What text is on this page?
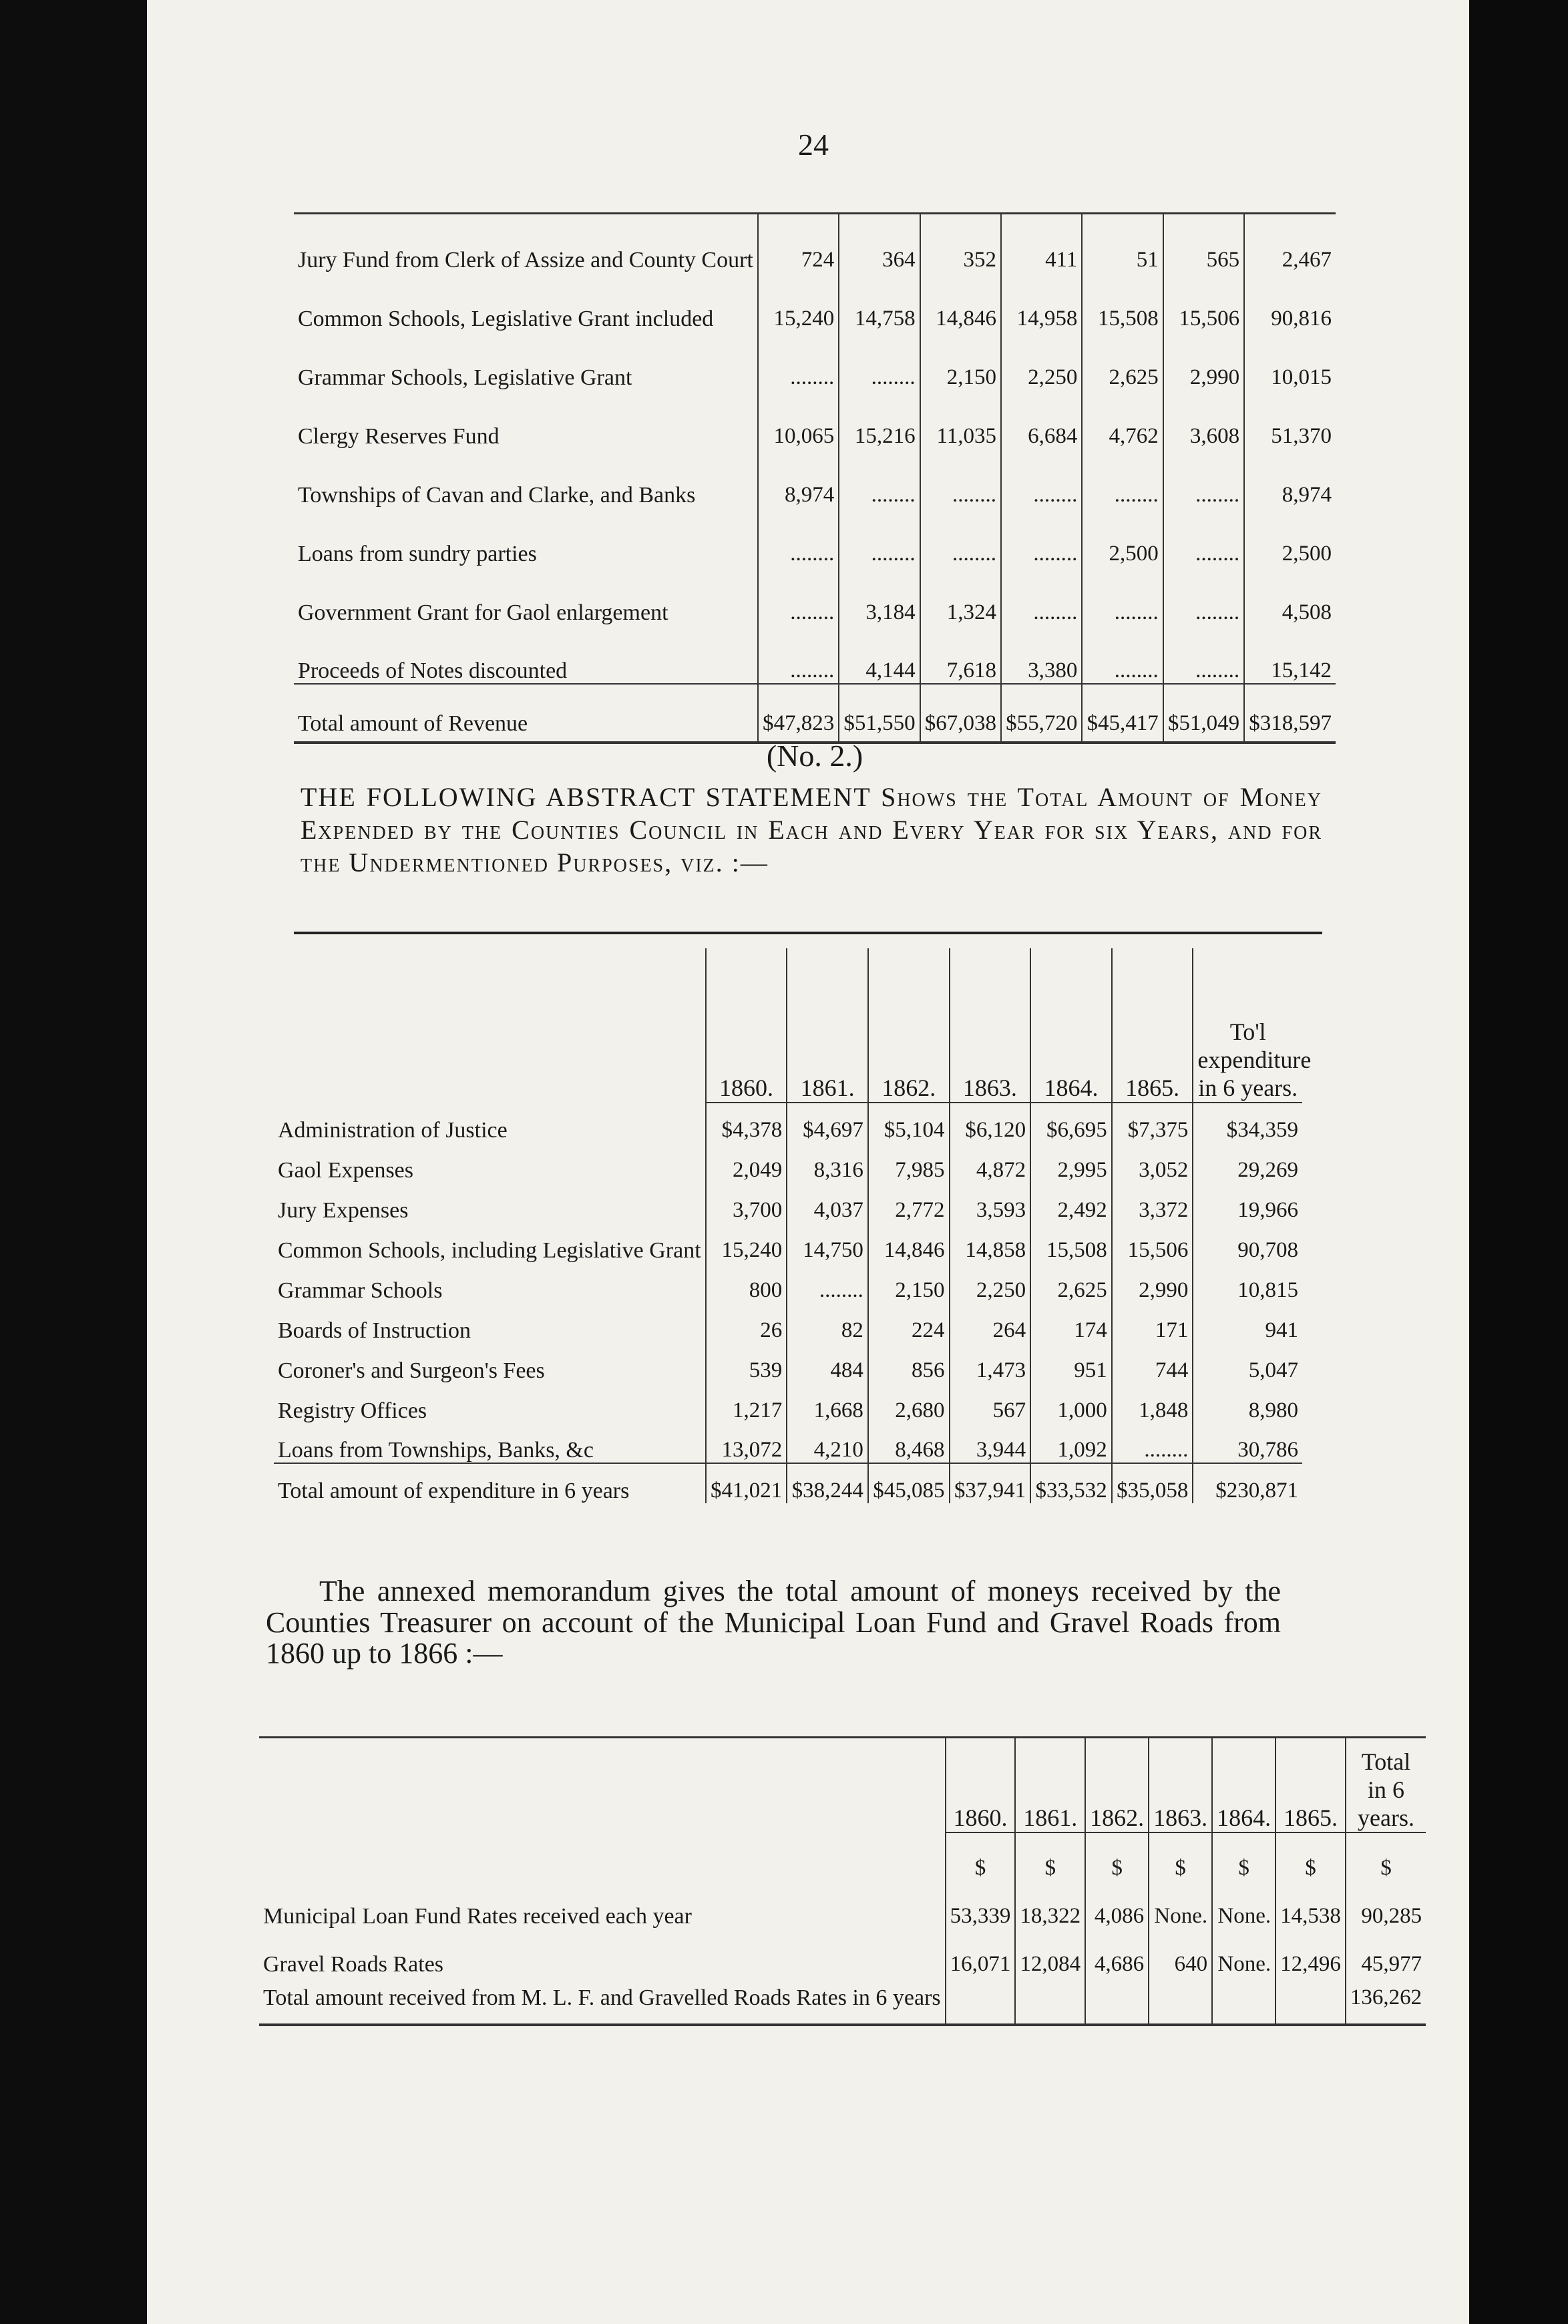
24
Jury Fund from Clerk of Assize and County Court	724	364	352	411	51	565	2,467
Common Schools, Legislative Grant included	15,240	14,758	14,846	14,958	15,508	15,506	90,816
Grammar Schools, Legislative Grant	........	........	2,150	2,250	2,625	2,990	10,015
Clergy Reserves Fund	10,065	15,216	11,035	6,684	4,762	3,608	51,370
Townships of Cavan and Clarke, and Banks	8,974	........	........	........	........	........	8,974
Loans from sundry parties	........	........	........	........	2,500	........	2,500
Government Grant for Gaol enlargement	........	3,184	1,324	........	........	........	4,508
Proceeds of Notes discounted	........	4,144	7,618	3,380	........	........	15,142
Total amount of Revenue	$47,823	$51,550	$67,038	$55,720	$45,417	$51,049	$318,597
(No. 2.)
THE FOLLOWING ABSTRACT STATEMENT Shows the Total Amount of Money Expended by the Counties Council in Each and Every Year for six Years, and for the Undermentioned Purposes, viz. :—
	1860.	1861.	1862.	1863.	1864.	1865.	To'l expenditure in 6 years.
Administration of Justice	$4,378	$4,697	$5,104	$6,120	$6,695	$7,375	$34,359
Gaol Expenses	2,049	8,316	7,985	4,872	2,995	3,052	29,269
Jury Expenses	3,700	4,037	2,772	3,593	2,492	3,372	19,966
Common Schools, including Legislative Grant	15,240	14,750	14,846	14,858	15,508	15,506	90,708
Grammar Schools	800	........	2,150	2,250	2,625	2,990	10,815
Boards of Instruction	26	82	224	264	174	171	941
Coroner's and Surgeon's Fees	539	484	856	1,473	951	744	5,047
Registry Offices	1,217	1,668	2,680	567	1,000	1,848	8,980
Loans from Townships, Banks, &c	13,072	4,210	8,468	3,944	1,092	........	30,786
Total amount of expenditure in 6 years	$41,021	$38,244	$45,085	$37,941	$33,532	$35,058	$230,871
The annexed memorandum gives the total amount of moneys received by the Counties Treasurer on account of the Municipal Loan Fund and Gravel Roads from 1860 up to 1866 :—
	1860.	1861.	1862.	1863.	1864.	1865.	Total in 6 years.
	$	$	$	$	$	$	$
Municipal Loan Fund Rates received each year	53,339	18,322	4,086	None.	None.	14,538	90,285
Gravel Roads Rates	16,071	12,084	4,686	640	None.	12,496	45,977
Total amount received from M. L. F. and Gravelled Roads Rates in 6 years							136,262
